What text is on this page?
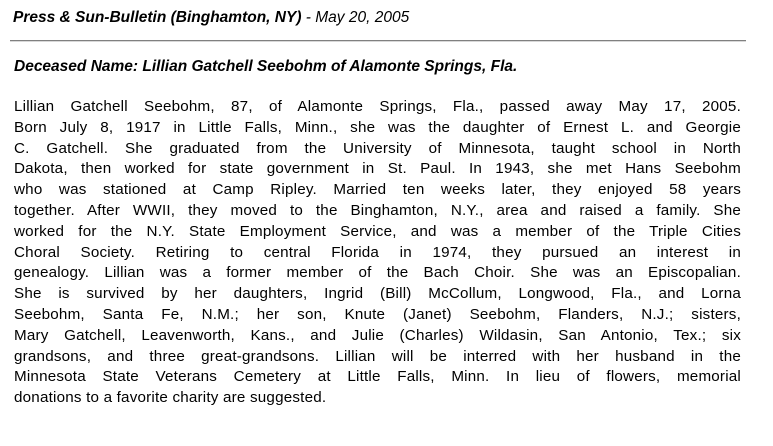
Press & Sun-Bulletin (Binghamton, NY) - May 20, 2005
Deceased Name: Lillian Gatchell Seebohm of Alamonte Springs, Fla.
Lillian Gatchell Seebohm, 87, of Alamonte Springs, Fla., passed away May 17, 2005.
Born July 8, 1917 in Little Falls, Minn., she was the daughter of Ernest L. and Georgie
C. Gatchell. She graduated from the University of Minnesota, taught school in North
Dakota, then worked for state government in St. Paul. In 1943, she met Hans Seebohm
who was stationed at Camp Ripley. Married ten weeks later, they enjoyed 58 years
together. After WWII, they moved to the Binghamton, N.Y., area and raised a family. She
worked for the N.Y. State Employment Service, and was a member of the Triple Cities
Choral Society. Retiring to central Florida in 1974, they pursued an interest in
genealogy. Lillian was a former member of the Bach Choir. She was an Episcopalian.
She is survived by her daughters, Ingrid (Bill) McCollum, Longwood, Fla., and Lorna
Seebohm, Santa Fe, N.M.; her son, Knute (Janet) Seebohm, Flanders, N.J.; sisters,
Mary Gatchell, Leavenworth, Kans., and Julie (Charles) Wildasin, San Antonio, Tex.; six
grandsons, and three great-grandsons. Lillian will be interred with her husband in the
Minnesota State Veterans Cemetery at Little Falls, Minn. In lieu of flowers, memorial
donations to a favorite charity are suggested.
